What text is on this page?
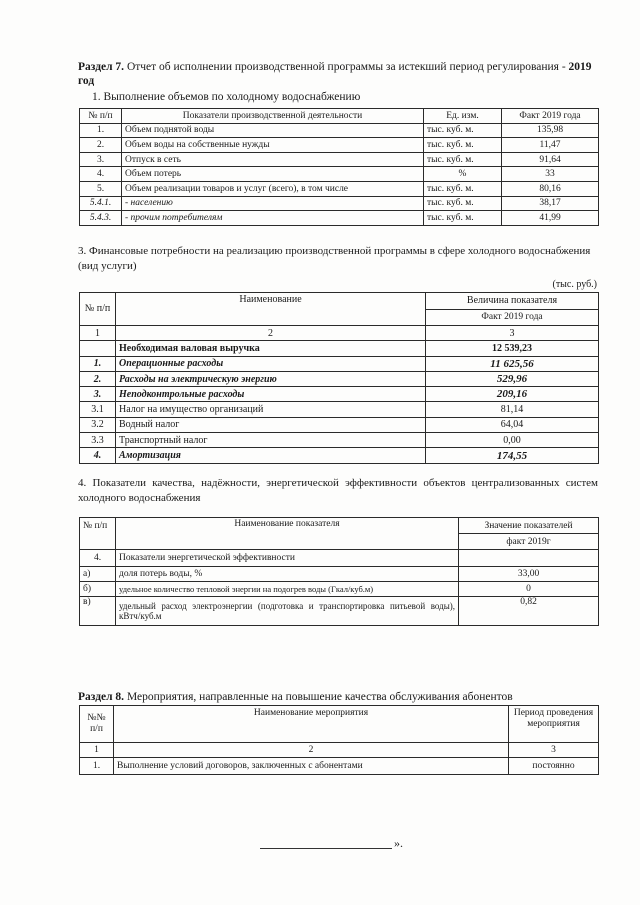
Раздел 7. Отчет об исполнении производственной программы за истекший период регулирования - 2019 год
1. Выполнение объемов по холодному водоснабжению
№ п/п	Показатели производственной деятельности	Ед. изм.	Факт 2019 года
1.	Объем поднятой воды	тыс. куб. м.	135,98
2.	Объем воды на собственные нужды	тыс. куб. м.	11,47
3.	Отпуск в сеть	тыс. куб. м.	91,64
4.	Объем потерь	%	33
5.	Объем реализации товаров и услуг (всего), в том числе	тыс. куб. м.	80,16
5.4.1.	- населению	тыс. куб. м.	38,17
5.4.3.	- прочим потребителям	тыс. куб. м.	41,99
3. Финансовые потребности на реализацию производственной программы в сфере холодного водоснабжения (вид услуги)
(тыс. руб.)
№ п/п	Наименование	Величина показателя
		Факт 2019 года
1	2	3
	Необходимая валовая выручка	12 539,23
1.	Операционные расходы	11 625,56
2.	Расходы на электрическую энергию	529,96
3.	Неподконтрольные расходы	209,16
3.1	Налог на имущество организаций	81,14
3.2	Водный налог	64,04
3.3	Транспортный налог	0,00
4.	Амортизация	174,55
4. Показатели качества, надёжности, энергетической эффективности объектов централизованных систем холодного водоснабжения
№ п/п	Наименование показателя	Значение показателей
		факт 2019г
4.	Показатели энергетической эффективности	
а)	доля потерь воды, %	33,00
б)	удельное количество тепловой энергии на подогрев воды (Гкал/куб.м)	0
в)	удельный расход электроэнергии (подготовка и транспортировка питьевой воды), кВтч/куб.м	0,82
Раздел 8. Мероприятия, направленные на повышение качества обслуживания абонентов
№№ п/п	Наименование мероприятия	Период проведения мероприятия
1	2	3
1.	Выполнение условий договоров, заключенных с абонентами	постоянно
».
